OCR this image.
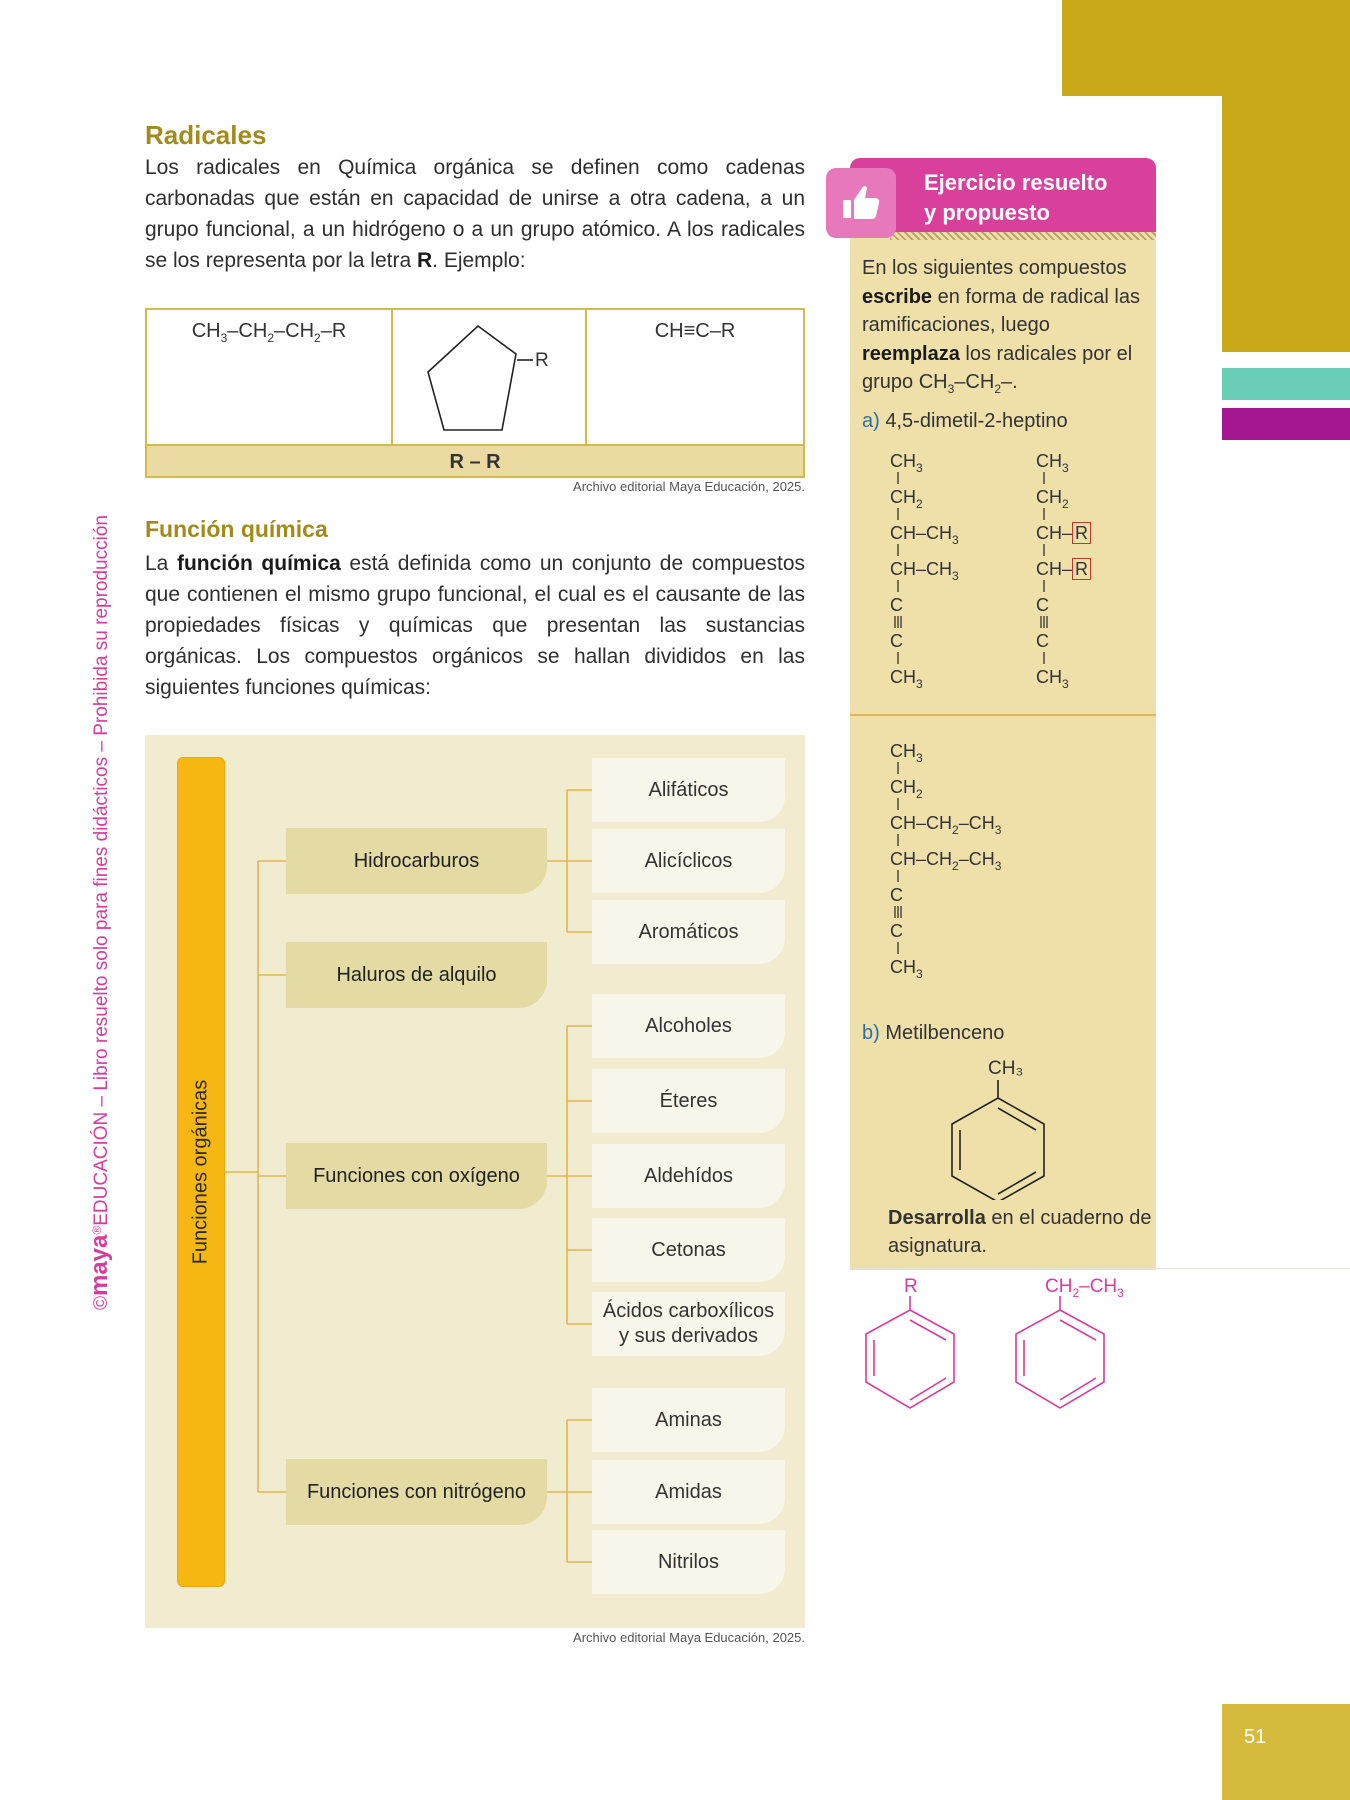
51
©maya®EDUCACIÓN – Libro resuelto solo para fines didácticos – Prohibida su reproducción
Radicales

Los radicales en Química orgánica se definen como cadenas carbonadas que están en capacidad de unirse a otra cadena, a un grupo funcional, a un hidrógeno o a un grupo atómico. A los radicales se los representa por la letra R. Ejemplo:

$CH_3-CH_2-CH_2-R$
R
CH≡C–R
R – R
Archivo editorial Maya Educación, 2025.
Función química

La función química está definida como un conjunto de compuestos que contienen el mismo grupo funcional, el cual es el causante de las propiedades físicas y químicas que presentan las sustancias orgánicas. Los compuestos orgánicos se hallan divididos en las siguientes funciones químicas:

Funciones orgánicas
Hidrocarburos
Haluros de alquilo
Funciones con oxígeno
Funciones con nitrógeno
Alifáticos
Alicíclicos
Aromáticos
Alcoholes
Éteres
Aldehídos
Cetonas
Ácidos carboxílicos y sus derivados
Aminas
Amidas
Nitrilos
Archivo editorial Maya Educación, 2025.
Ejercicio resuelto
y propuesto

En los siguientes compuestos escribe en forma de radical las ramificaciones, luego reemplaza los radicales por el grupo $CH_3-CH_2-$.

a) 4,5-dimetil-2-heptino
$CH_3$
$CH_2$
$CH-CH_3$
$CH-CH_3$
C
C
$CH_3$
$CH_3$
$CH_2$
CH– R
CH– R
C
C
$CH_3$
$CH_3$
$CH_2$
$CH-CH_2-CH_3$
$CH-CH_2-CH_3$
C
C
$CH_3$
b) Metilbenceno
CH₃
Desarrolla en el cuaderno de asignatura.
R	$CH_2-CH_3$
